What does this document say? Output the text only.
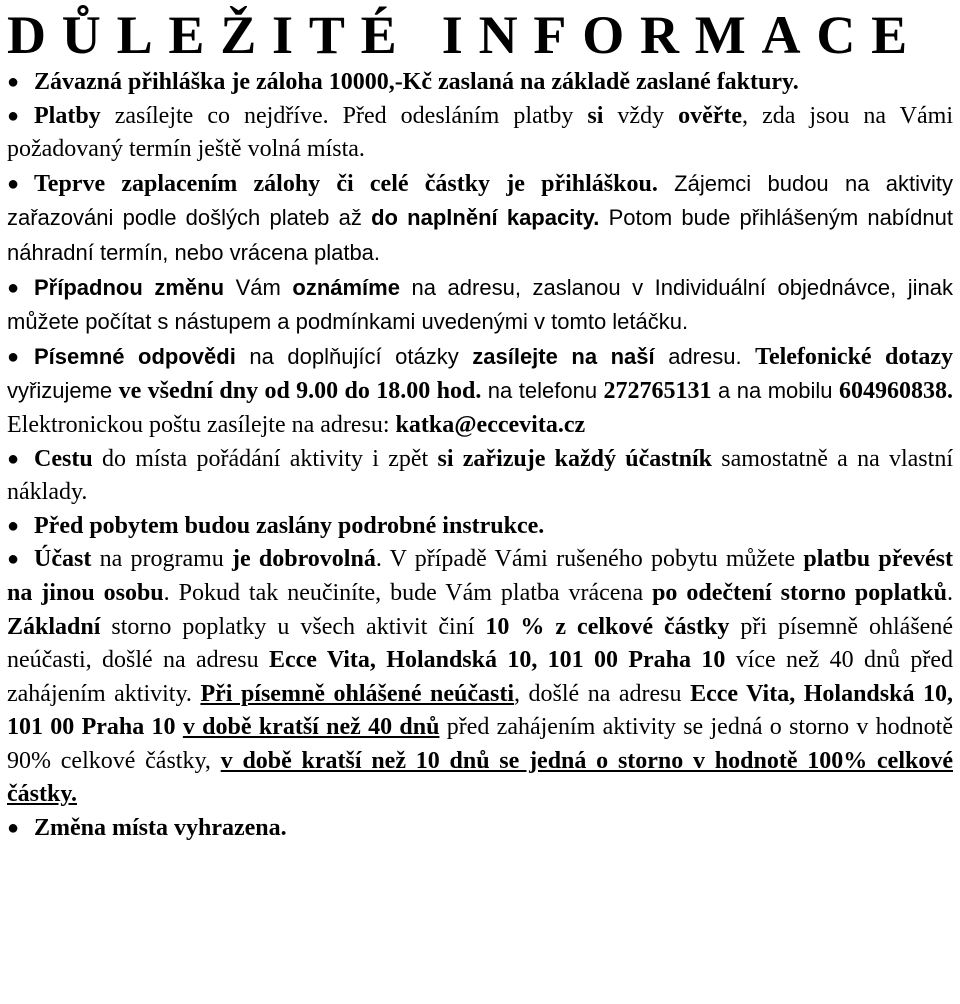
DŮLEŽITÉ INFORMACE
● Závazná přihláška je záloha 10000,-Kč zaslaná na základě zaslané faktury.
● Platby zasílejte co nejdříve. Před odesláním platby si vždy ověřte, zda jsou na Vámi požadovaný termín ještě volná místa.
● Teprve zaplacením zálohy či celé částky je přihláškou. Zájemci budou na aktivity zařazováni podle došlých plateb až do naplnění kapacity. Potom bude přihlášeným nabídnut náhradní termín, nebo vrácena platba.
● Případnou změnu Vám oznámíme na adresu, zaslanou v Individuální objednávce, jinak můžete počítat s nástupem a podmínkami uvedenými v tomto letáčku.
● Písemné odpovědi na doplňující otázky zasílejte na naší adresu. Telefonické dotazy vyřizujeme ve všední dny od 9.00 do 18.00 hod. na telefonu 272765131 a na mobilu 604960838. Elektronickou poštu zasílejte na adresu: katka@eccevita.cz
● Cestu do místa pořádání aktivity i zpět si zařizuje každý účastník samostatně a na vlastní náklady.
● Před pobytem budou zaslány podrobné instrukce.
● Účast na programu je dobrovolná. V případě Vámi rušeného pobytu můžete platbu převést na jinou osobu. Pokud tak neučiníte, bude Vám platba vrácena po odečtení storno poplatků. Základní storno poplatky u všech aktivit činí 10 % z celkové částky při písemně ohlášené neúčasti, došlé na adresu Ecce Vita, Holandská 10, 101 00 Praha 10 více než 40 dnů před zahájením aktivity. Při písemně ohlášené neúčasti, došlé na adresu Ecce Vita, Holandská 10, 101 00 Praha 10 v době kratší než 40 dnů před zahájením aktivity se jedná o storno v hodnotě 90% celkové částky, v době kratší než 10 dnů se jedná o storno v hodnotě 100% celkové částky.
● Změna místa vyhrazena.
